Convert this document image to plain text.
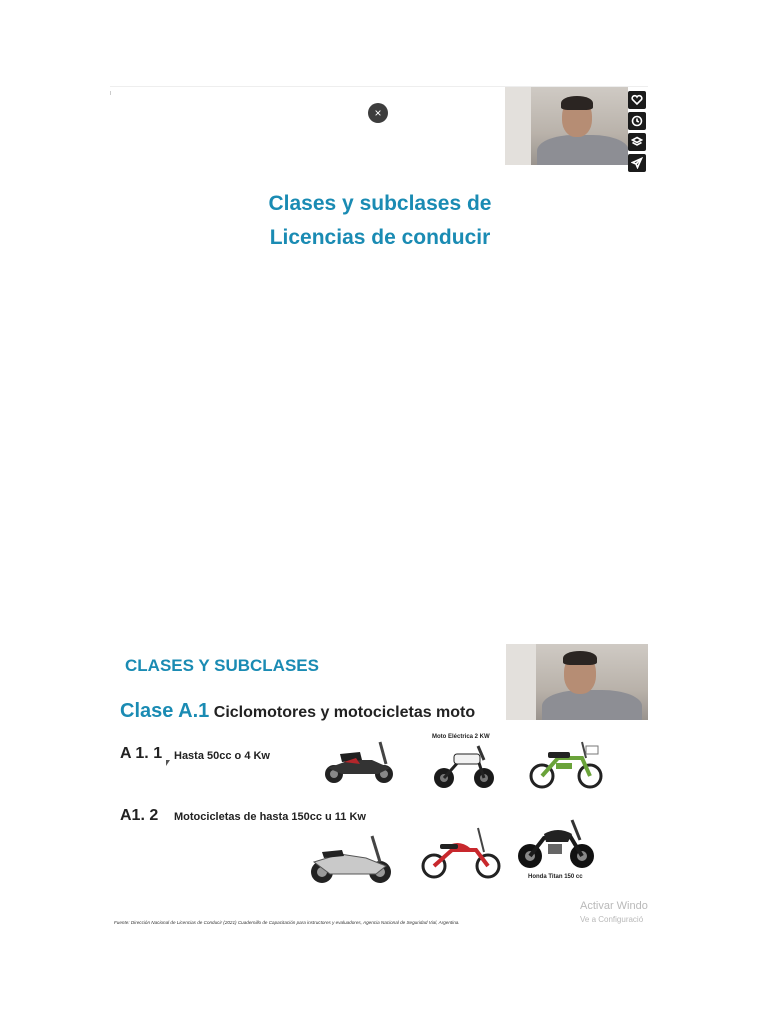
×
Clases y subclases de
Licencias de conducir
CLASES Y SUBCLASES
Clase A.1 Ciclomotores y motocicletas moto
A 1. 1 Hasta 50cc o 4 Kw
A1. 2 Motocicletas de hasta 150cc u 11 Kw
Moto Eléctrica 2 KW
Honda Titan 150 cc
Activar Windo
Ve a Configuració
Fuente: Dirección Nacional de Licencias de Conducir (2021) Cuadernillo de Capacitación para instructores y evaluadores, Agencia Nacional de Seguridad Vial, Argentina.
